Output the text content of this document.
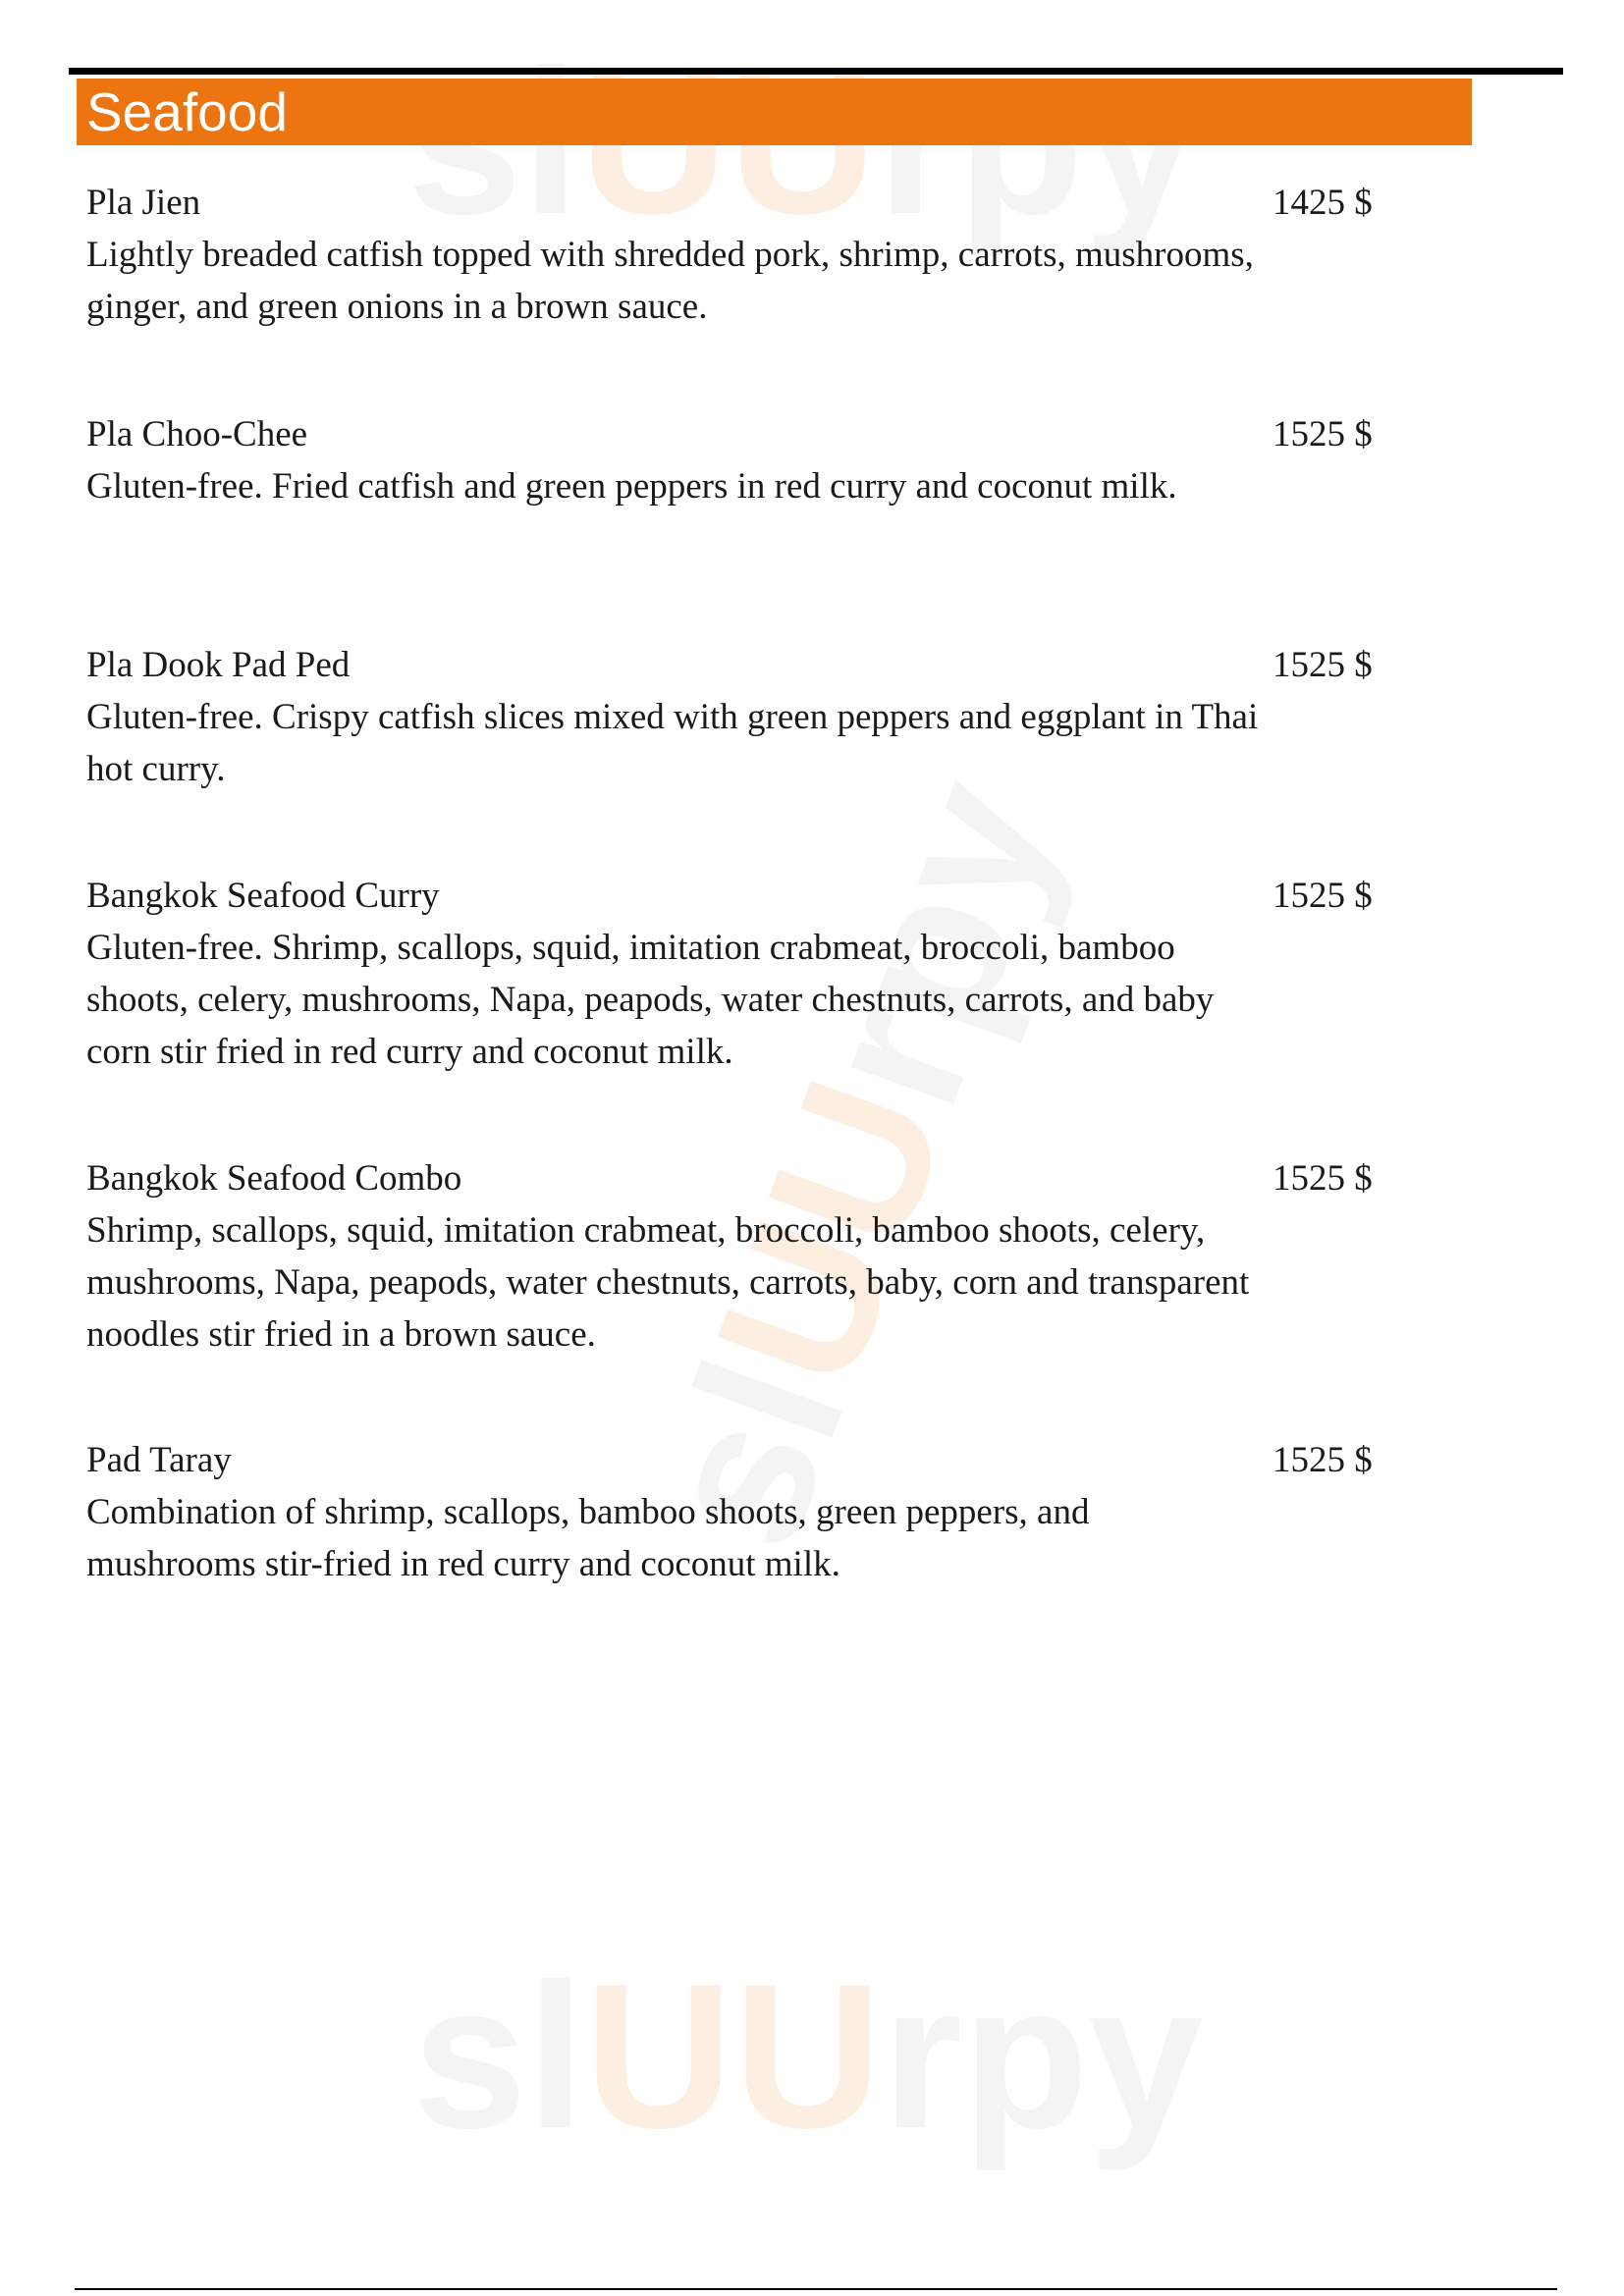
slUUrpy
slUUrpy
Seafood
Pla Jien
Lightly breaded catfish topped with shredded pork, shrimp, carrots, mushrooms, ginger, and green onions in a brown sauce.
1425 $
Pla Choo-Chee
Gluten-free. Fried catfish and green peppers in red curry and coconut milk.
1525 $
Pla Dook Pad Ped
Gluten-free. Crispy catfish slices mixed with green peppers and eggplant in Thai hot curry.
1525 $
Bangkok Seafood Curry
Gluten-free. Shrimp, scallops, squid, imitation crabmeat, broccoli, bamboo shoots, celery, mushrooms, Napa, peapods, water chestnuts, carrots, and baby corn stir fried in red curry and coconut milk.
1525 $
Bangkok Seafood Combo
Shrimp, scallops, squid, imitation crabmeat, broccoli, bamboo shoots, celery, mushrooms, Napa, peapods, water chestnuts, carrots, baby, corn and transparent noodles stir fried in a brown sauce.
1525 $
Pad Taray
Combination of shrimp, scallops, bamboo shoots, green peppers, and mushrooms stir-fried in red curry and coconut milk.
1525 $
